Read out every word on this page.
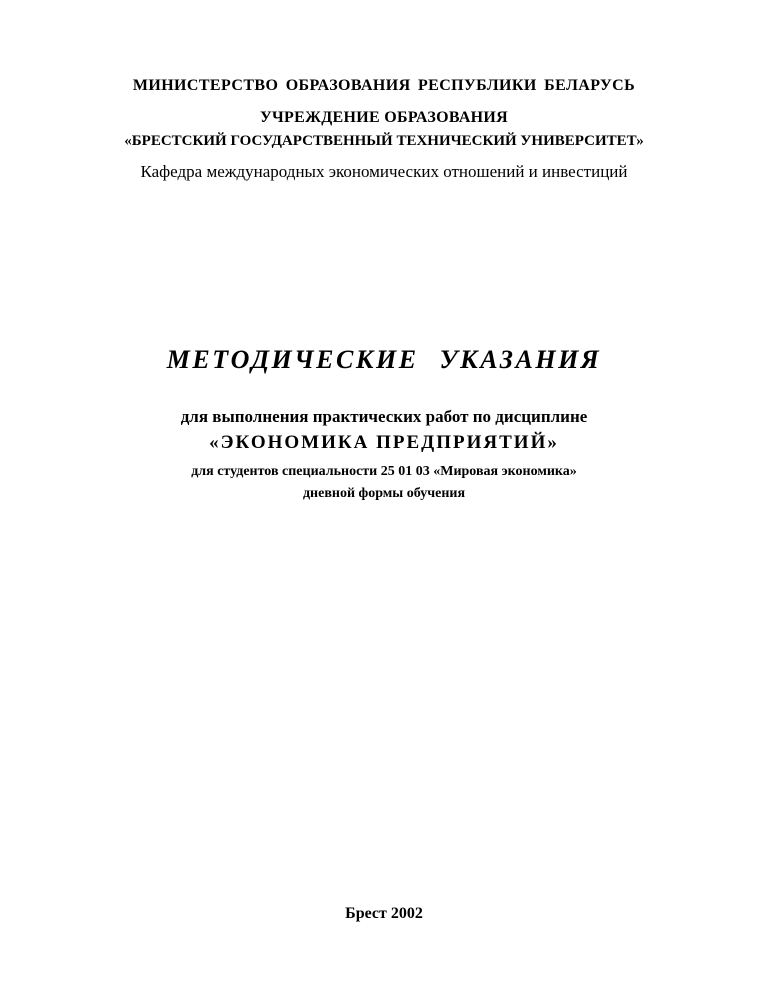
МИНИСТЕРСТВО ОБРАЗОВАНИЯ РЕСПУБЛИКИ БЕЛАРУСЬ
УЧРЕЖДЕНИЕ ОБРАЗОВАНИЯ
«БРЕСТСКИЙ ГОСУДАРСТВЕННЫЙ ТЕХНИЧЕСКИЙ УНИВЕРСИТЕТ»
Кафедра международных экономических отношений и инвестиций
МЕТОДИЧЕСКИЕ УКАЗАНИЯ
для выполнения практических работ по дисциплине
«ЭКОНОМИКА ПРЕДПРИЯТИЙ»
для студентов специальности 25 01 03 «Мировая экономика»
дневной формы обучения
Брест 2002
